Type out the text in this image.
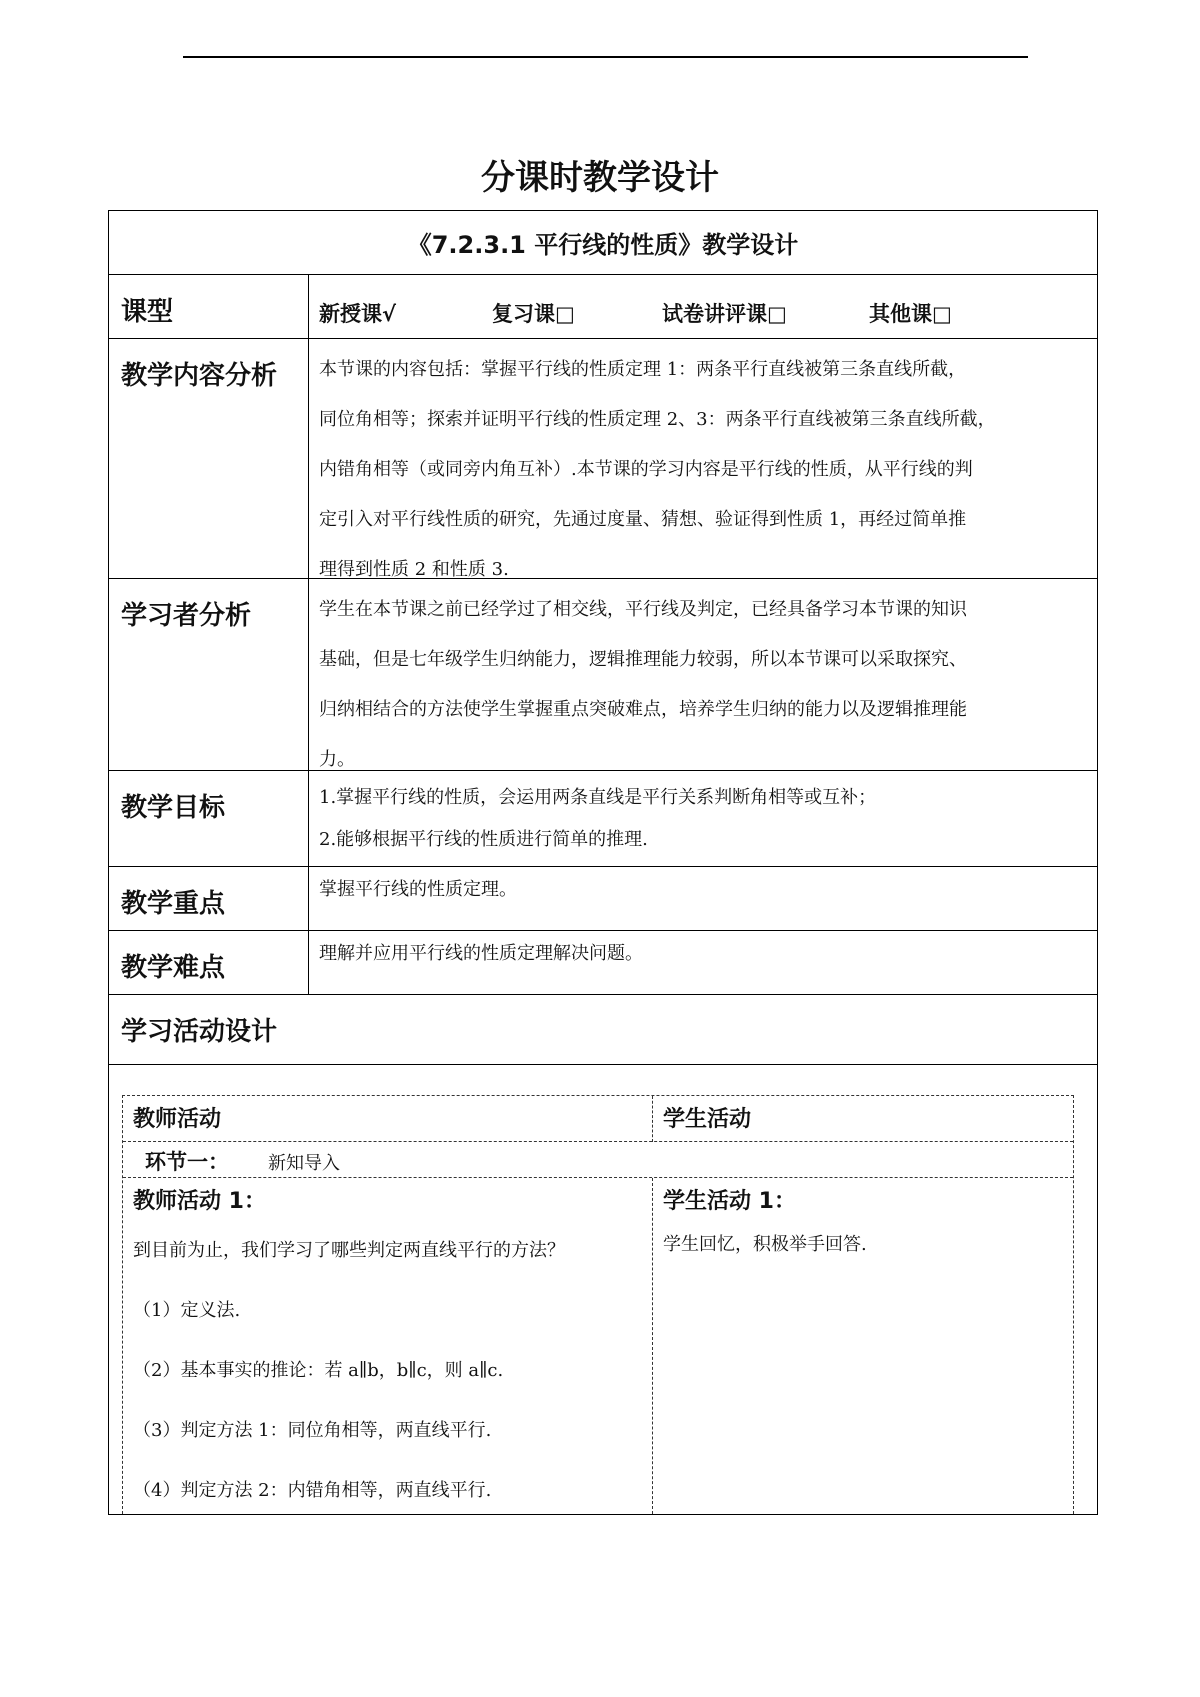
分课时教学设计
《7.2.3.1 平行线的性质》教学设计
课型	新授课√	复习课□	试卷讲评课□	其他课□
教学内容分析 本节课的内容包括：掌握平行线的性质定理 1：两条平行直线被第三条直线所截，
同位角相等；探索并证明平行线的性质定理 2、3：两条平行直线被第三条直线所截，
内错角相等（或同旁内角互补）.本节课的学习内容是平行线的性质，从平行线的判
定引入对平行线性质的研究，先通过度量、猜想、验证得到性质 1，再经过简单推
理得到性质 2 和性质 3.
学习者分析	学生在本节课之前已经学过了相交线，平行线及判定，已经具备学习本节课的知识
基础，但是七年级学生归纳能力，逻辑推理能力较弱，所以本节课可以采取探究、
归纳相结合的方法使学生掌握重点突破难点，培养学生归纳的能力以及逻辑推理能
力。
教学目标	1.掌握平行线的性质，会运用两条直线是平行关系判断角相等或互补；
2.能够根据平行线的性质进行简单的推理.
教学重点	掌握平行线的性质定理。
教学难点	理解并应用平行线的性质定理解决问题。
学习活动设计
教师活动	学生活动
环节一： 新知导入
教师活动 1：
到目前为止，我们学习了哪些判定两直线平行的方法？
（1）定义法.
（2）基本事实的推论：若 a∥b，b∥c，则 a∥c.
（3）判定方法 1：同位角相等，两直线平行.
（4）判定方法 2：内错角相等，两直线平行.
学生活动 1：
学生回忆，积极举手回答.
